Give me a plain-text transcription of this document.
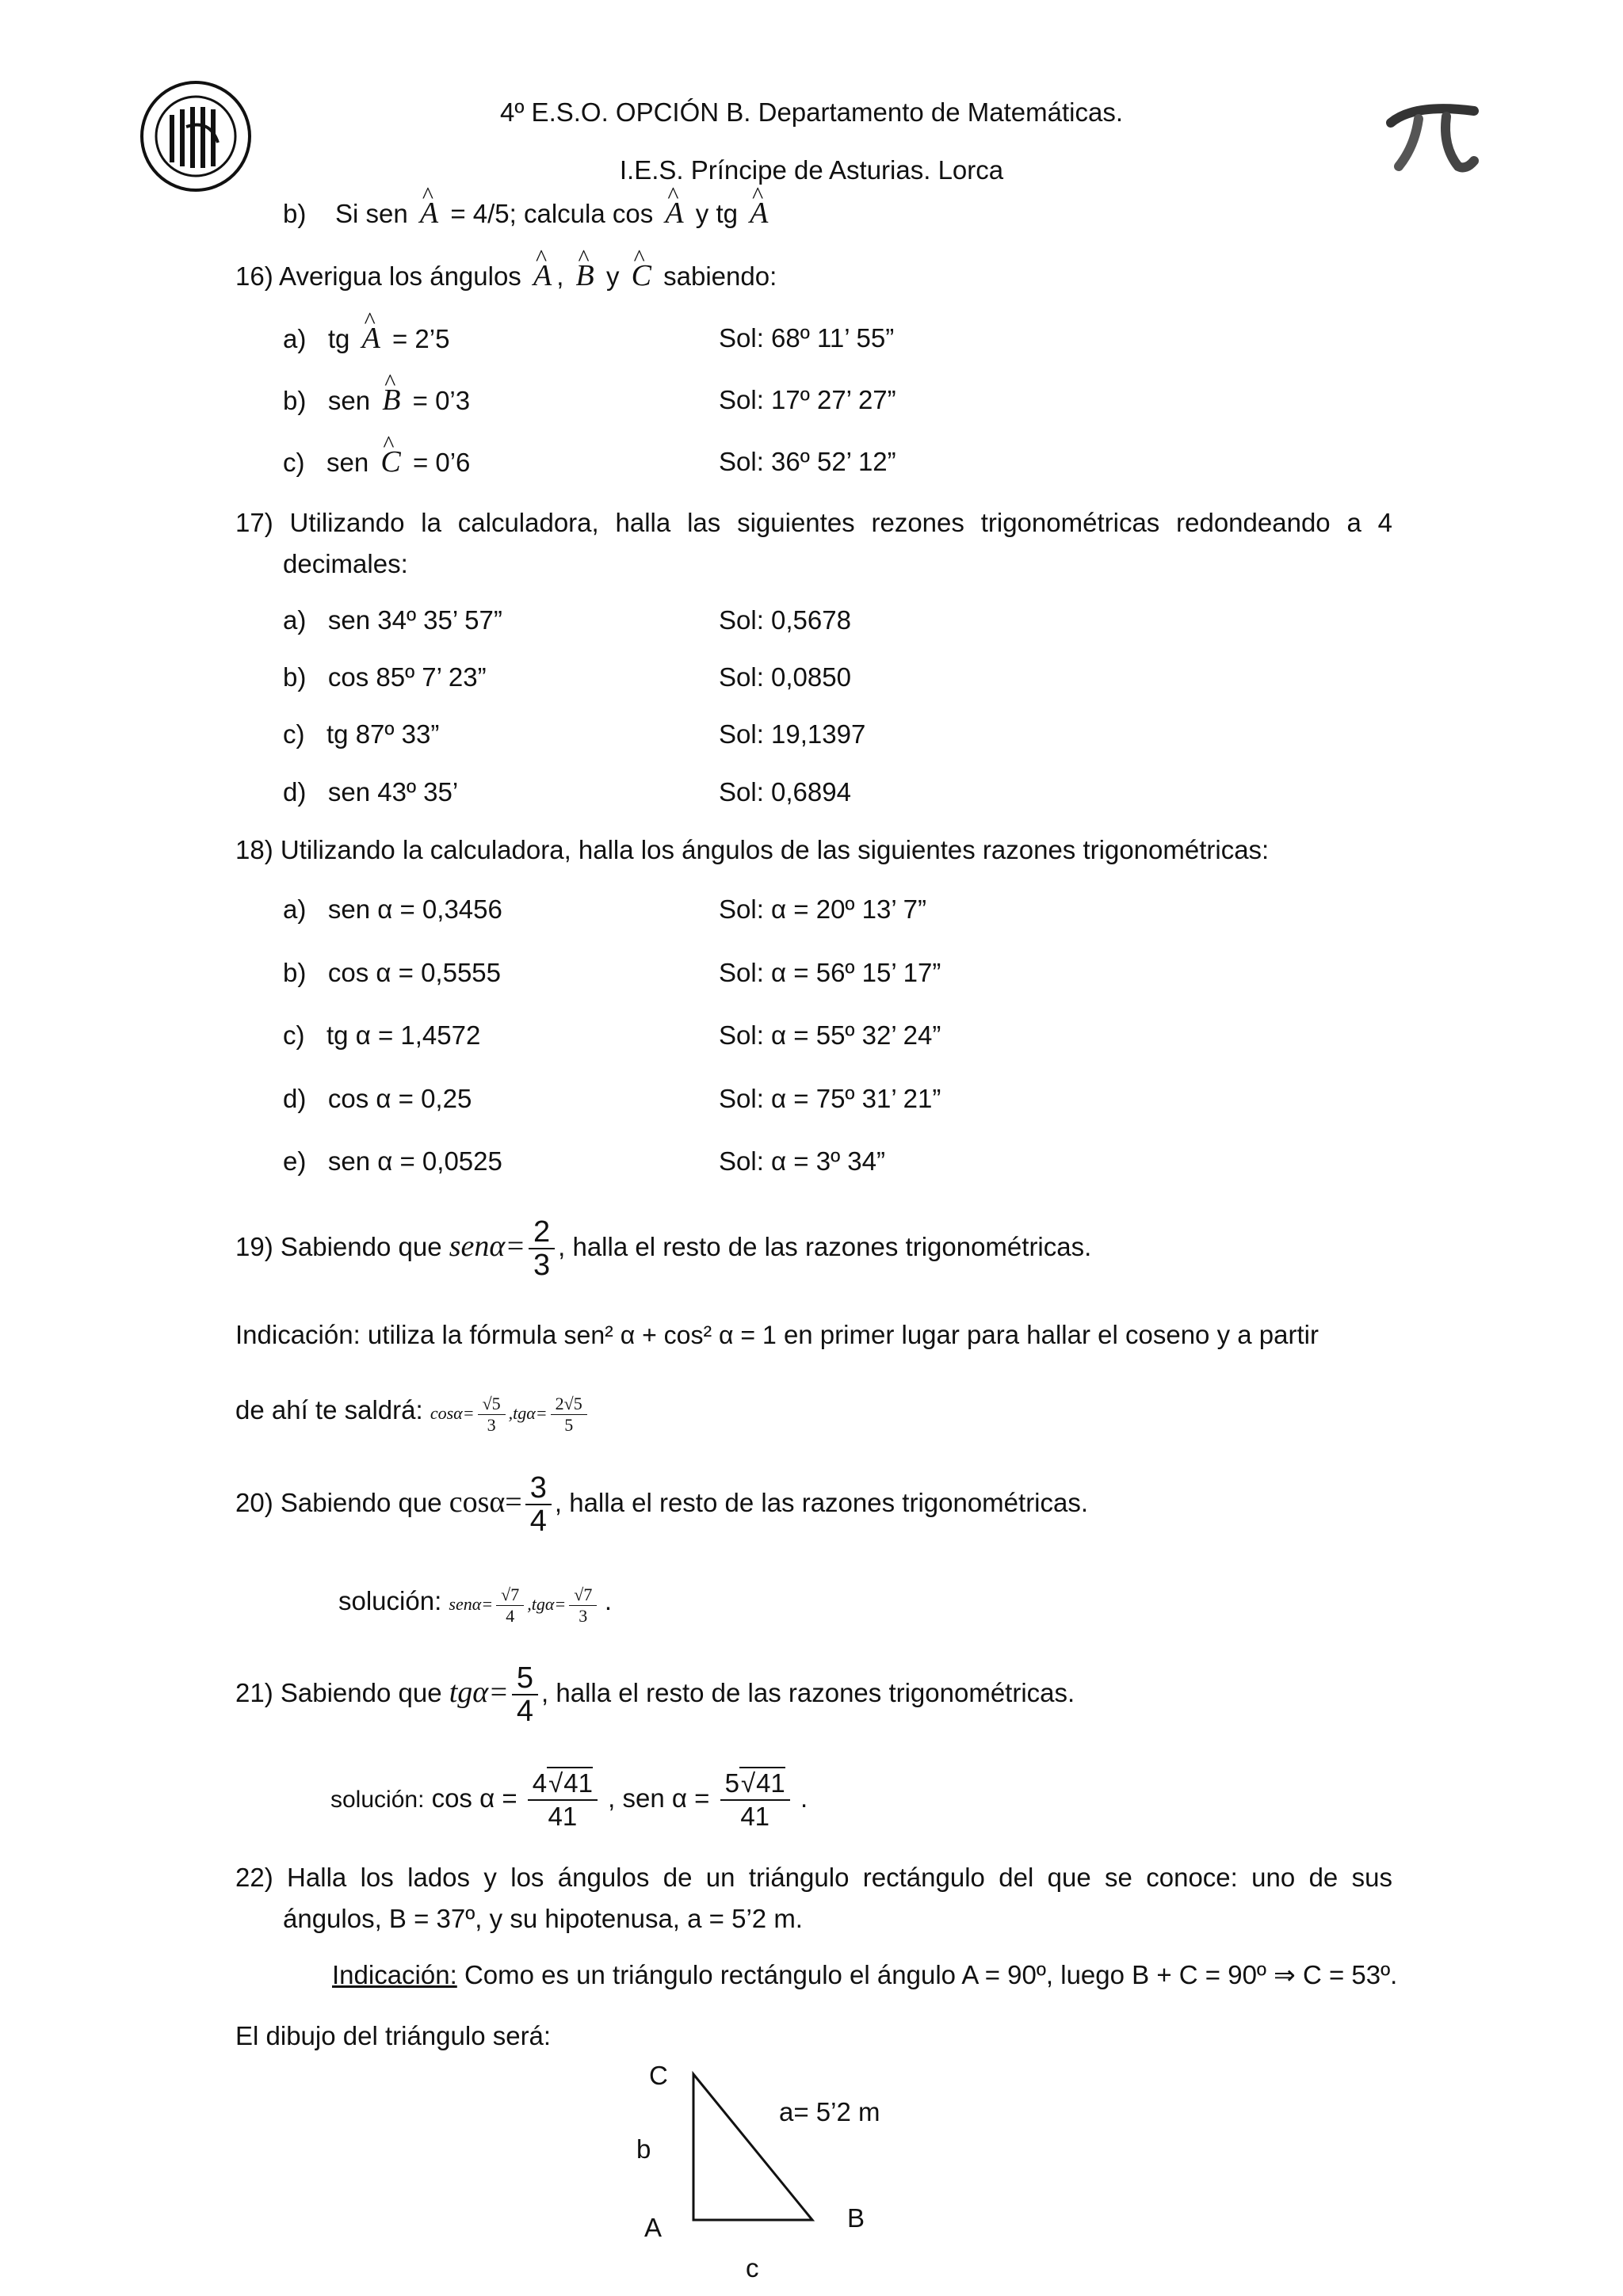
4º E.S.O. OPCIÓN B. Departamento de Matemáticas.
I.E.S. Príncipe de Asturias. Lorca
b) Si sen ^ A = 4/5; calcula cos ^ A y tg ^ A
16) Averigua los ángulos ^ A , ^ B y ^ C sabiendo:
a) tg ^ A = 2’5	Sol: 68º 11’ 55”
b) sen ^ B = 0’3	Sol: 17º 27’ 27”
c) sen ^ C = 0’6	Sol: 36º 52’ 12”
17) Utilizando la calculadora, halla las siguientes rezones trigonométricas redondeando a 4
decimales:
a) sen 34º 35’ 57”	Sol: 0,5678
b) cos 85º 7’ 23”	Sol: 0,0850
c) tg 87º 33”	Sol: 19,1397
d) sen 43º 35’	Sol: 0,6894
18) Utilizando la calculadora, halla los ángulos de las siguientes razones trigonométricas:
a) sen α = 0,3456	Sol: α = 20º 13’ 7”
b) cos α = 0,5555	Sol: α = 56º 15’ 17”
c) tg α = 1,4572	Sol: α = 55º 32’ 24”
d) cos α = 0,25	Sol: α = 75º 31’ 21”
e) sen α = 0,0525	Sol: α = 3º 34”
19) Sabiendo que $sen\alpha= \frac{2}{3}$ , halla el resto de las razones trigonométricas.
Indicación: utiliza la fórmula sen² α + cos² α = 1 en primer lugar para hallar el coseno y a partir
de ahí te saldrá: $\cos\alpha= \frac{√5}{3} ,tg\alpha= \frac{2√5}{5}$
20) Sabiendo que $\cos\alpha= \frac{3}{4}$ , halla el resto de las razones trigonométricas.
solución: $sen\alpha= \frac{√7}{4} ,tg\alpha= \frac{√7}{3}$ .
21) Sabiendo que $tg\alpha= \frac{5}{4}$ , halla el resto de las razones trigonométricas.
solución: $\cos \alpha = \frac{4 √ 41}{41}$ , sen $\alpha = \frac{5 √ 41}{41}$ .
22) Halla los lados y los ángulos de un triángulo rectángulo del que se conoce: uno de sus
ángulos, B = 37º, y su hipotenusa, a = 5’2 m.
Indicación: Como es un triángulo rectángulo el ángulo A = 90º, luego B + C = 90º ⇒ C = 53º.
El dibujo del triángulo será:
C
a= 5’2 m
b
A	B
c
